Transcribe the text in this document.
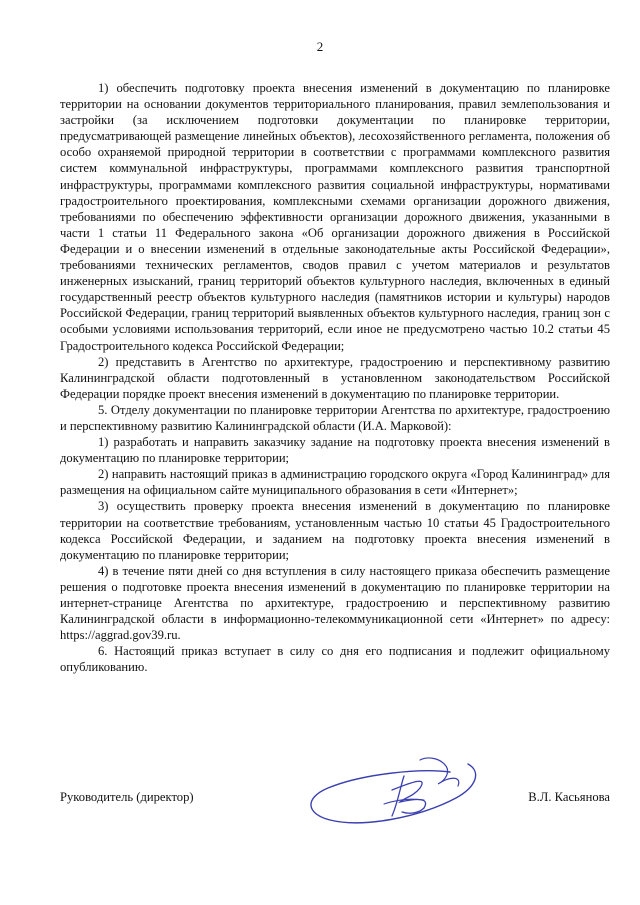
2

1) обеспечить подготовку проекта внесения изменений в документацию по планировке территории на основании документов территориального планирования, правил землепользования и застройки (за исключением подготовки документации по планировке территории, предусматривающей размещение линейных объектов), лесохозяйственного регламента, положения об особо охраняемой природной территории в соответствии с программами комплексного развития систем коммунальной инфраструктуры, программами комплексного развития транспортной инфраструктуры, программами комплексного развития социальной инфраструктуры, нормативами градостроительного проектирования, комплексными схемами организации дорожного движения, требованиями по обеспечению эффективности организации дорожного движения, указанными в части 1 статьи 11 Федерального закона «Об организации дорожного движения в Российской Федерации и о внесении изменений в отдельные законодательные акты Российской Федерации», требованиями технических регламентов, сводов правил с учетом материалов и результатов инженерных изысканий, границ территорий объектов культурного наследия, включенных в единый государственный реестр объектов культурного наследия (памятников истории и культуры) народов Российской Федерации, границ территорий выявленных объектов культурного наследия, границ зон с особыми условиями использования территорий, если иное не предусмотрено частью 10.2 статьи 45 Градостроительного кодекса Российской Федерации;

2) представить в Агентство по архитектуре, градостроению и перспективному развитию Калининградской области подготовленный в установленном законодательством Российской Федерации порядке проект внесения изменений в документацию по планировке территории.

5. Отделу документации по планировке территории Агентства по архитектуре, градостроению и перспективному развитию Калининградской области (И.А. Марковой):

1) разработать и направить заказчику задание на подготовку проекта внесения изменений в документацию по планировке территории;

2) направить настоящий приказ в администрацию городского округа «Город Калининград» для размещения на официальном сайте муниципального образования в сети «Интернет»;

3) осуществить проверку проекта внесения изменений в документацию по планировке территории на соответствие требованиям, установленным частью 10 статьи 45 Градостроительного кодекса Российской Федерации, и заданием на подготовку проекта внесения изменений в документацию по планировке территории;

4) в течение пяти дней со дня вступления в силу настоящего приказа обеспечить размещение решения о подготовке проекта внесения изменений в документацию по планировке территории на интернет-странице Агентства по архитектуре, градостроению и перспективному развитию Калининградской области в информационно-телекоммуникационной сети «Интернет» по адресу: https://aggrad.gov39.ru.

6. Настоящий приказ вступает в силу со дня его подписания и подлежит официальному опубликованию.

Руководитель (директор)	В.Л. Касьянова
